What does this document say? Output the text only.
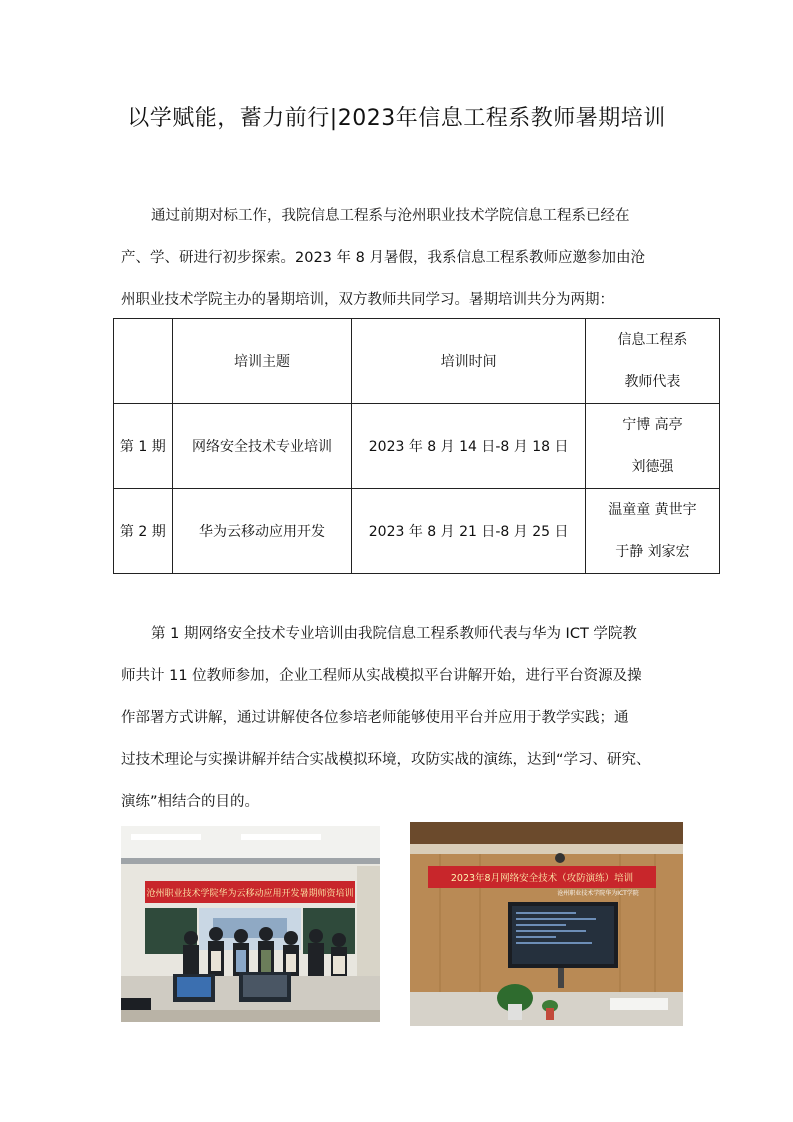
以学赋能，蓄力前行|2023年信息工程系教师暑期培训
通过前期对标工作，我院信息工程系与沧州职业技术学院信息工程系已经在
产、学、研进行初步探索。2023 年 8 月暑假，我系信息工程系教师应邀参加由沧
州职业技术学院主办的暑期培训，双方教师共同学习。暑期培训共分为两期：
	培训主题	培训时间	信息工程系
教师代表

第 1 期	网络安全技术专业培训	2023 年 8 月 14 日-8 月 18 日	宁博 高亭
刘德强

第 2 期	华为云移动应用开发	2023 年 8 月 21 日-8 月 25 日	温童童 黄世宇
于静 刘家宏
第 1 期网络安全技术专业培训由我院信息工程系教师代表与华为 ICT 学院教
师共计 11 位教师参加，企业工程师从实战模拟平台讲解开始，进行平台资源及操
作部署方式讲解，通过讲解使各位参培老师能够使用平台并应用于教学实践；通
过技术理论与实操讲解并结合实战模拟环境，攻防实战的演练，达到“学习、研究、
演练”相结合的目的。
沧州职业技术学院华为云移动应用开发暑期师资培训
2023年8月网络安全技术（攻防演练）培训
沧州职业技术学院华为ICT学院
